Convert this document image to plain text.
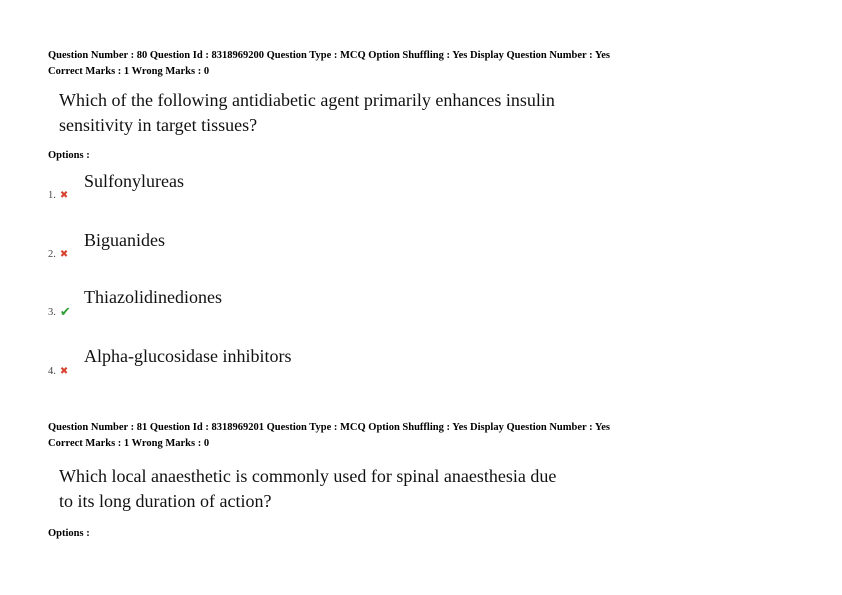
Question Number : 80 Question Id : 8318969200 Question Type : MCQ Option Shuffling : Yes Display Question Number : Yes
Correct Marks : 1 Wrong Marks : 0
Which of the following antidiabetic agent primarily enhances insulin
sensitivity in target tissues?
Options :
Sulfonylureas
1. ✖
Biguanides
2. ✖
Thiazolidinediones
3. ✔
Alpha-glucosidase inhibitors
4. ✖
Question Number : 81 Question Id : 8318969201 Question Type : MCQ Option Shuffling : Yes Display Question Number : Yes
Correct Marks : 1 Wrong Marks : 0
Which local anaesthetic is commonly used for spinal anaesthesia due
to its long duration of action?
Options :
